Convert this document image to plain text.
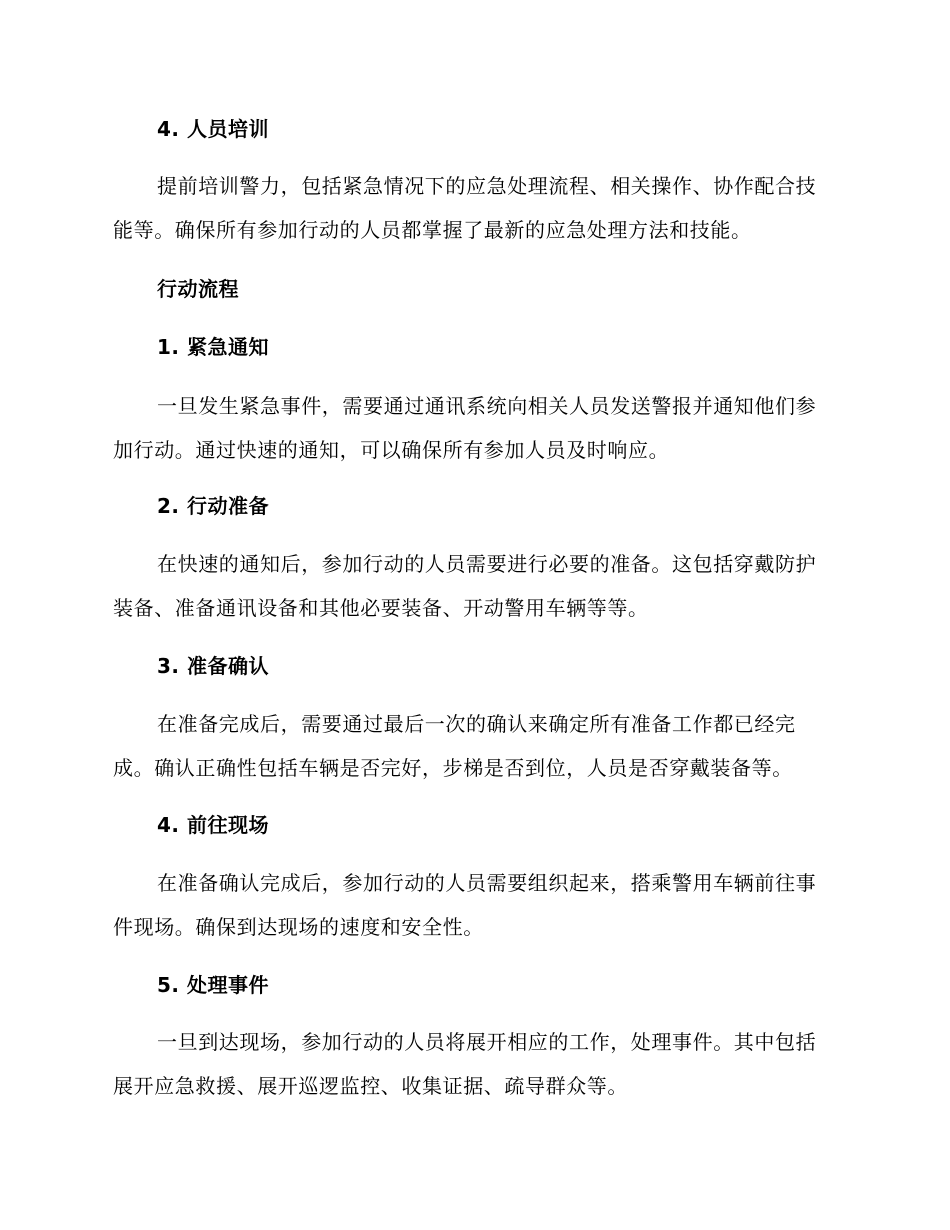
4. 人员培训
提前培训警力，包括紧急情况下的应急处理流程、相关操作、协作配合技能等。确保所有参加行动的人员都掌握了最新的应急处理方法和技能。
行动流程
1. 紧急通知
一旦发生紧急事件，需要通过通讯系统向相关人员发送警报并通知他们参加行动。通过快速的通知，可以确保所有参加人员及时响应。
2. 行动准备
在快速的通知后，参加行动的人员需要进行必要的准备。这包括穿戴防护装备、准备通讯设备和其他必要装备、开动警用车辆等等。
3. 准备确认
在准备完成后，需要通过最后一次的确认来确定所有准备工作都已经完成。确认正确性包括车辆是否完好，步梯是否到位，人员是否穿戴装备等。
4. 前往现场
在准备确认完成后，参加行动的人员需要组织起来，搭乘警用车辆前往事件现场。确保到达现场的速度和安全性。
5. 处理事件
一旦到达现场，参加行动的人员将展开相应的工作，处理事件。其中包括展开应急救援、展开巡逻监控、收集证据、疏导群众等。
